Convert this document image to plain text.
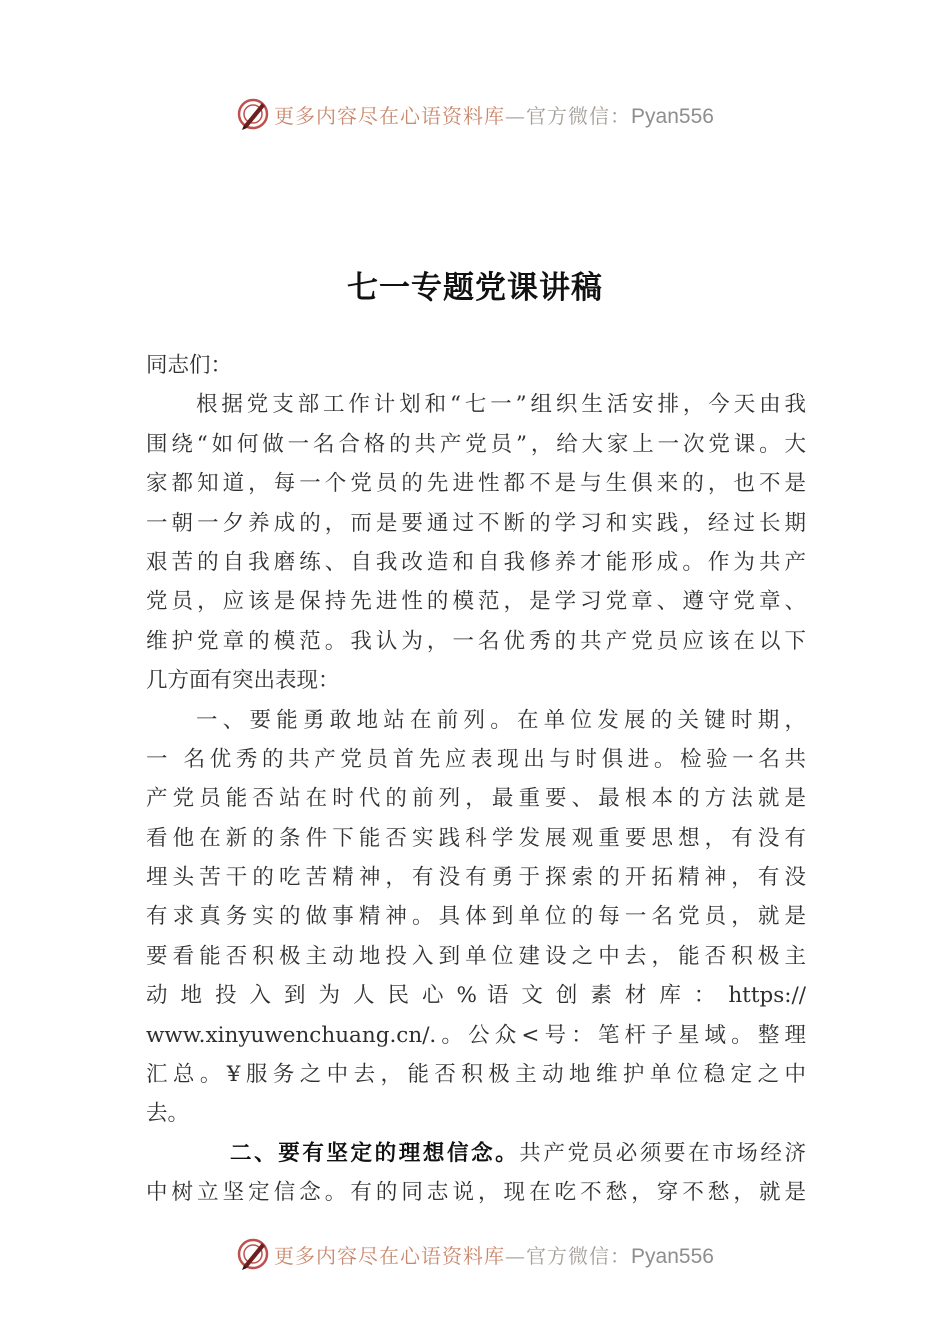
更多内容尽在心语资料库—官方微信：Pyan556
七一专题党课讲稿
同志们：
根据党支部工作计划和“七一”组织生活安排，今天由我
围绕“如何做一名合格的共产党员”，给大家上一次党课。大
家都知道，每一个党员的先进性都不是与生俱来的，也不是
一朝一夕养成的，而是要通过不断的学习和实践，经过长期
艰苦的自我磨练、自我改造和自我修养才能形成。作为共产
党员，应该是保持先进性的模范，是学习党章、遵守党章、
维护党章的模范。我认为，一名优秀的共产党员应该在以下
几方面有突出表现：
一、要能勇敢地站在前列。在单位发展的关键时期，
一 名优秀的共产党员首先应表现出与时俱进。检验一名共
产党员能否站在时代的前列，最重要、最根本的方法就是
看他在新的条件下能否实践科学发展观重要思想，有没有
埋头苦干的吃苦精神，有没有勇于探索的开拓精神，有没
有求真务实的做事精神。具体到单位的每一名党员，就是
要看能否积极主动地投入到单位建设之中去，能否积极主
动 地 投 入 到 为 人 民 心 % 语 文 创 素 材 库 ： https://
www.xinyuwenchuang.cn/.。公众<号：笔杆子星域。整理
汇总。¥服务之中去，能否积极主动地维护单位稳定之中
去。
二、要有坚定的理想信念。共产党员必须要在市场经济
中树立坚定信念。有的同志说，现在吃不愁，穿不愁，就是
更多内容尽在心语资料库—官方微信：Pyan556
